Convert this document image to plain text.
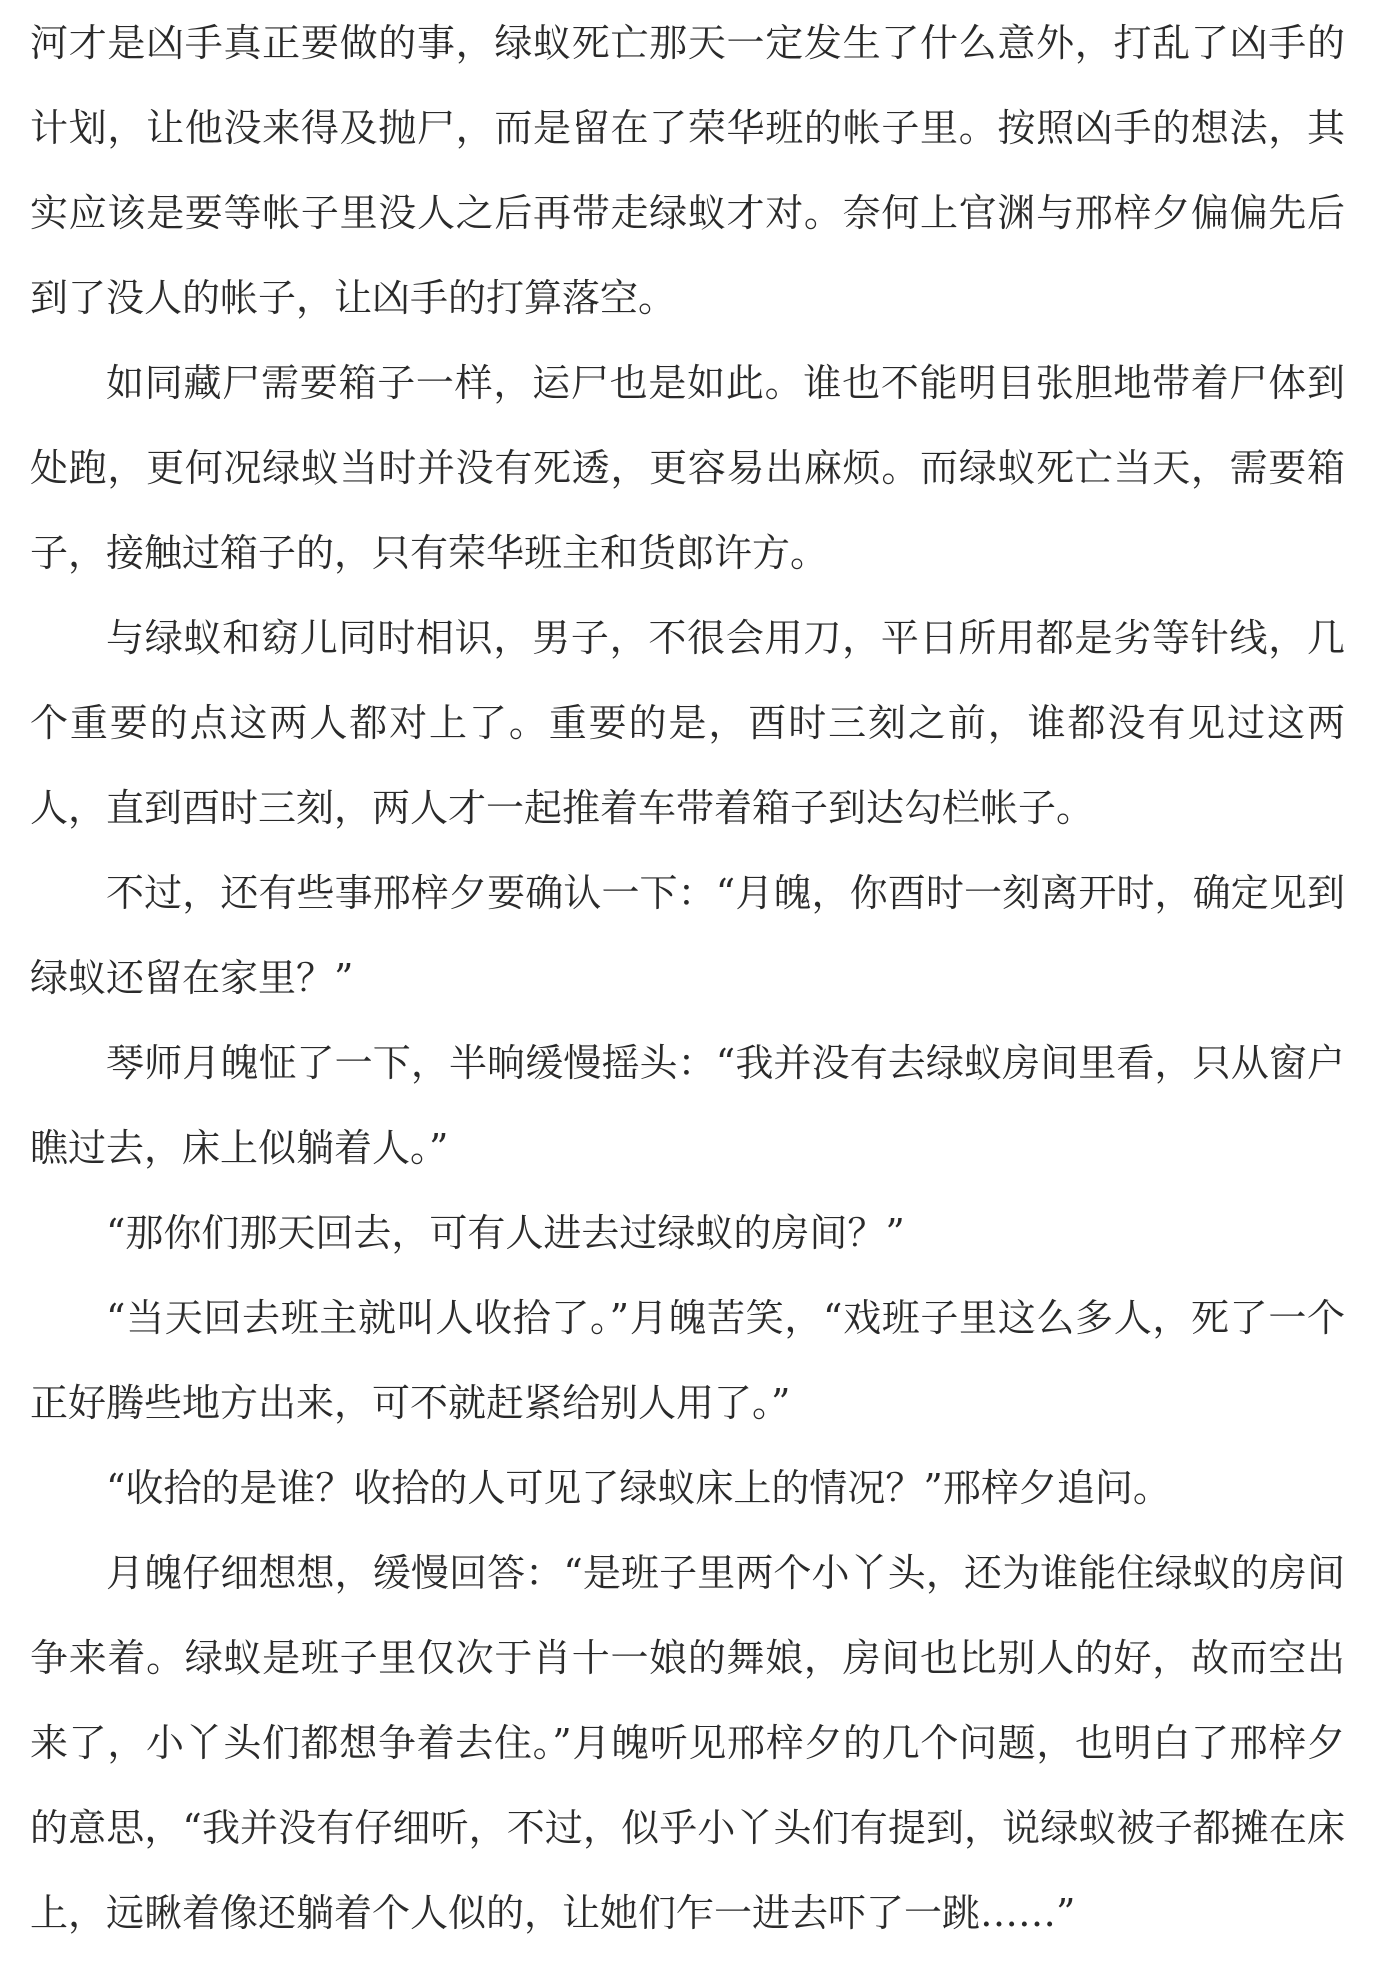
河才是凶手真正要做的事，绿蚁死亡那天一定发生了什么意外，打乱了凶手的计划，让他没来得及抛尸，而是留在了荣华班的帐子里。按照凶手的想法，其实应该是要等帐子里没人之后再带走绿蚁才对。奈何上官渊与邢梓夕偏偏先后到了没人的帐子，让凶手的打算落空。

如同藏尸需要箱子一样，运尸也是如此。谁也不能明目张胆地带着尸体到处跑，更何况绿蚁当时并没有死透，更容易出麻烦。而绿蚁死亡当天，需要箱子，接触过箱子的，只有荣华班主和货郎许方。

与绿蚁和窈儿同时相识，男子，不很会用刀，平日所用都是劣等针线，几个重要的点这两人都对上了。重要的是，酉时三刻之前，谁都没有见过这两人，直到酉时三刻，两人才一起推着车带着箱子到达勾栏帐子。

不过，还有些事邢梓夕要确认一下：“月魄，你酉时一刻离开时，确定见到绿蚁还留在家里？”

琴师月魄怔了一下，半晌缓慢摇头：“我并没有去绿蚁房间里看，只从窗户瞧过去，床上似躺着人。”

“那你们那天回去，可有人进去过绿蚁的房间？”

“当天回去班主就叫人收拾了。”月魄苦笑，“戏班子里这么多人，死了一个正好腾些地方出来，可不就赶紧给别人用了。”

“收拾的是谁？收拾的人可见了绿蚁床上的情况？”邢梓夕追问。

月魄仔细想想，缓慢回答：“是班子里两个小丫头，还为谁能住绿蚁的房间争来着。绿蚁是班子里仅次于肖十一娘的舞娘，房间也比别人的好，故而空出来了，小丫头们都想争着去住。”月魄听见邢梓夕的几个问题，也明白了邢梓夕的意思，“我并没有仔细听，不过，似乎小丫头们有提到，说绿蚁被子都摊在床上，远瞅着像还躺着个人似的，让她们乍一进去吓了一跳……”
